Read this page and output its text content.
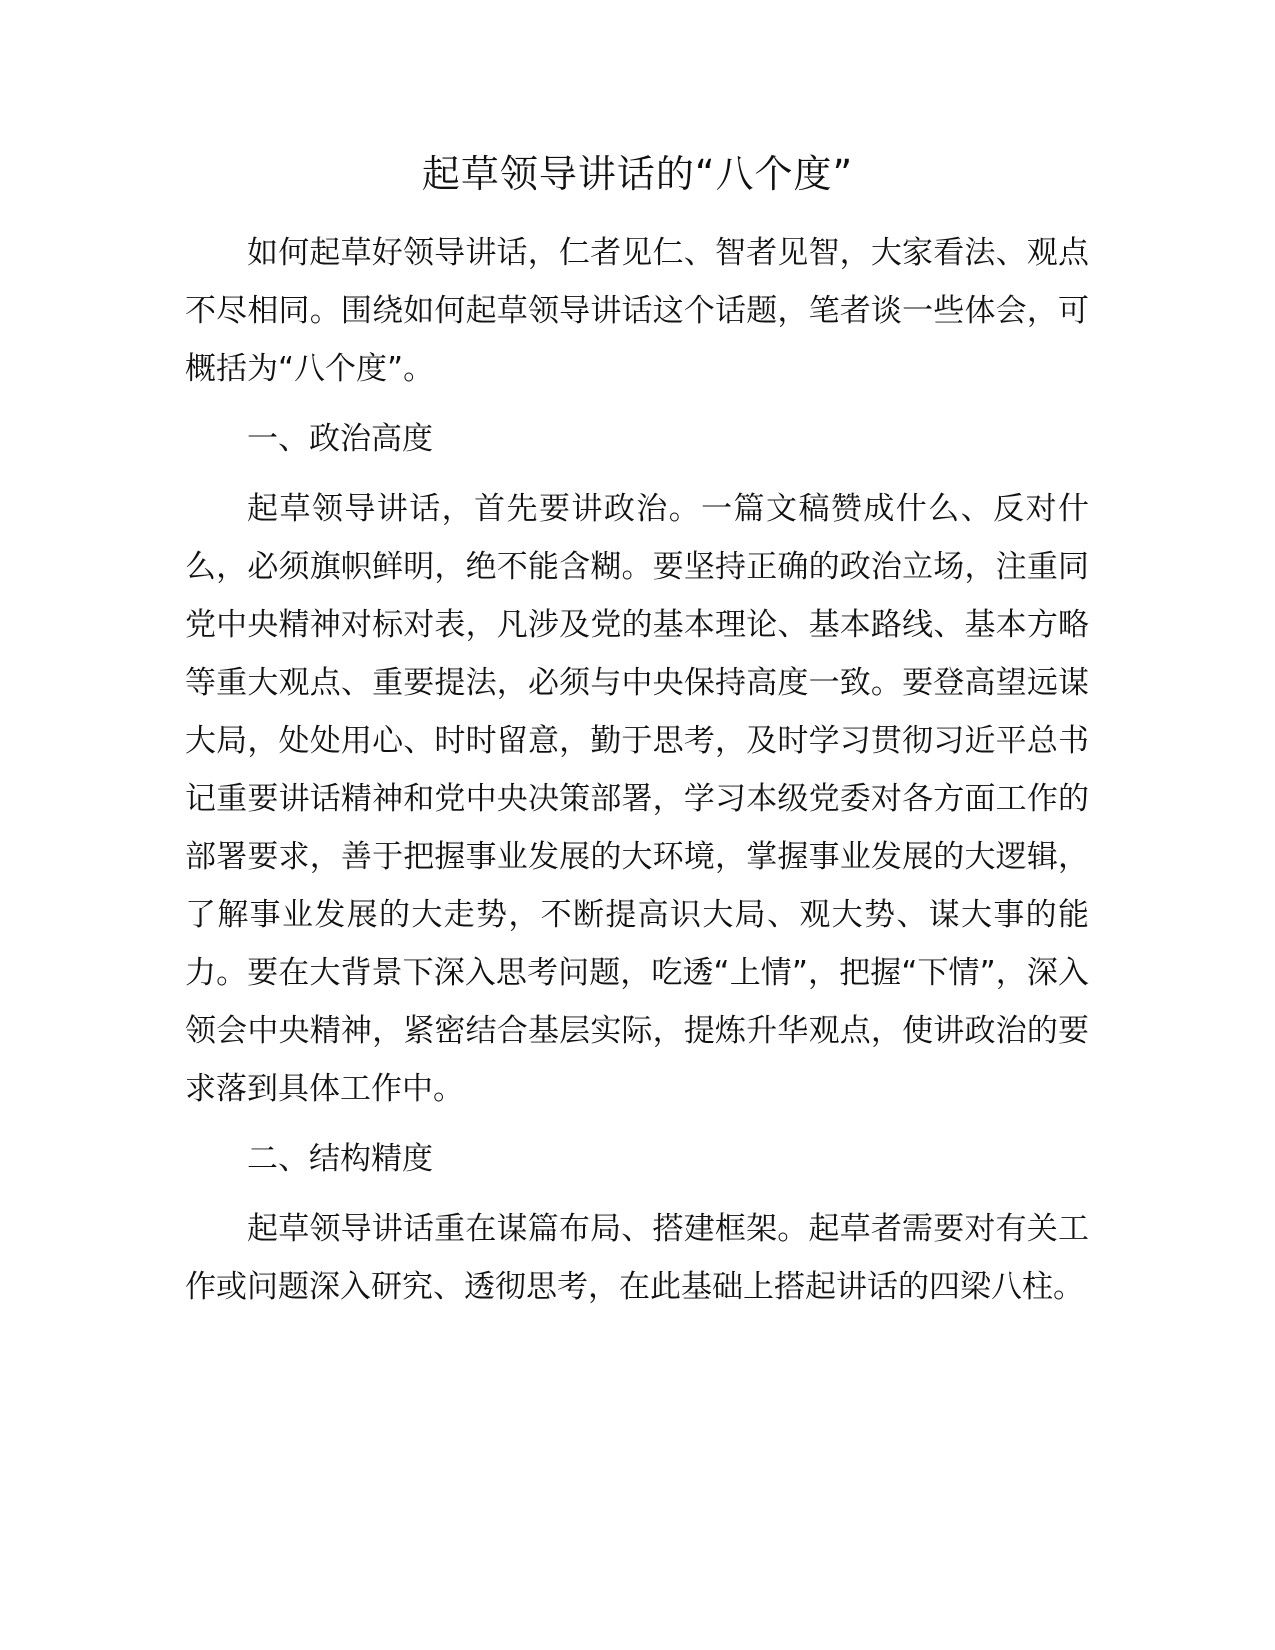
起草领导讲话的“八个度”

如何起草好领导讲话，仁者见仁、智者见智，大家看法、观点不尽相同。围绕如何起草领导讲话这个话题，笔者谈一些体会，可概括为“八个度”。

一、政治高度

起草领导讲话，首先要讲政治。一篇文稿赞成什么、反对什么，必须旗帜鲜明，绝不能含糊。要坚持正确的政治立场，注重同党中央精神对标对表，凡涉及党的基本理论、基本路线、基本方略等重大观点、重要提法，必须与中央保持高度一致。要登高望远谋大局，处处用心、时时留意，勤于思考，及时学习贯彻习近平总书记重要讲话精神和党中央决策部署，学习本级党委对各方面工作的部署要求，善于把握事业发展的大环境，掌握事业发展的大逻辑，了解事业发展的大走势，不断提高识大局、观大势、谋大事的能力。要在大背景下深入思考问题，吃透“上情”，把握“下情”，深入领会中央精神，紧密结合基层实际，提炼升华观点，使讲政治的要求落到具体工作中。

二、结构精度

起草领导讲话重在谋篇布局、搭建框架。起草者需要对有关工作或问题深入研究、透彻思考，在此基础上搭起讲话的四梁八柱。
